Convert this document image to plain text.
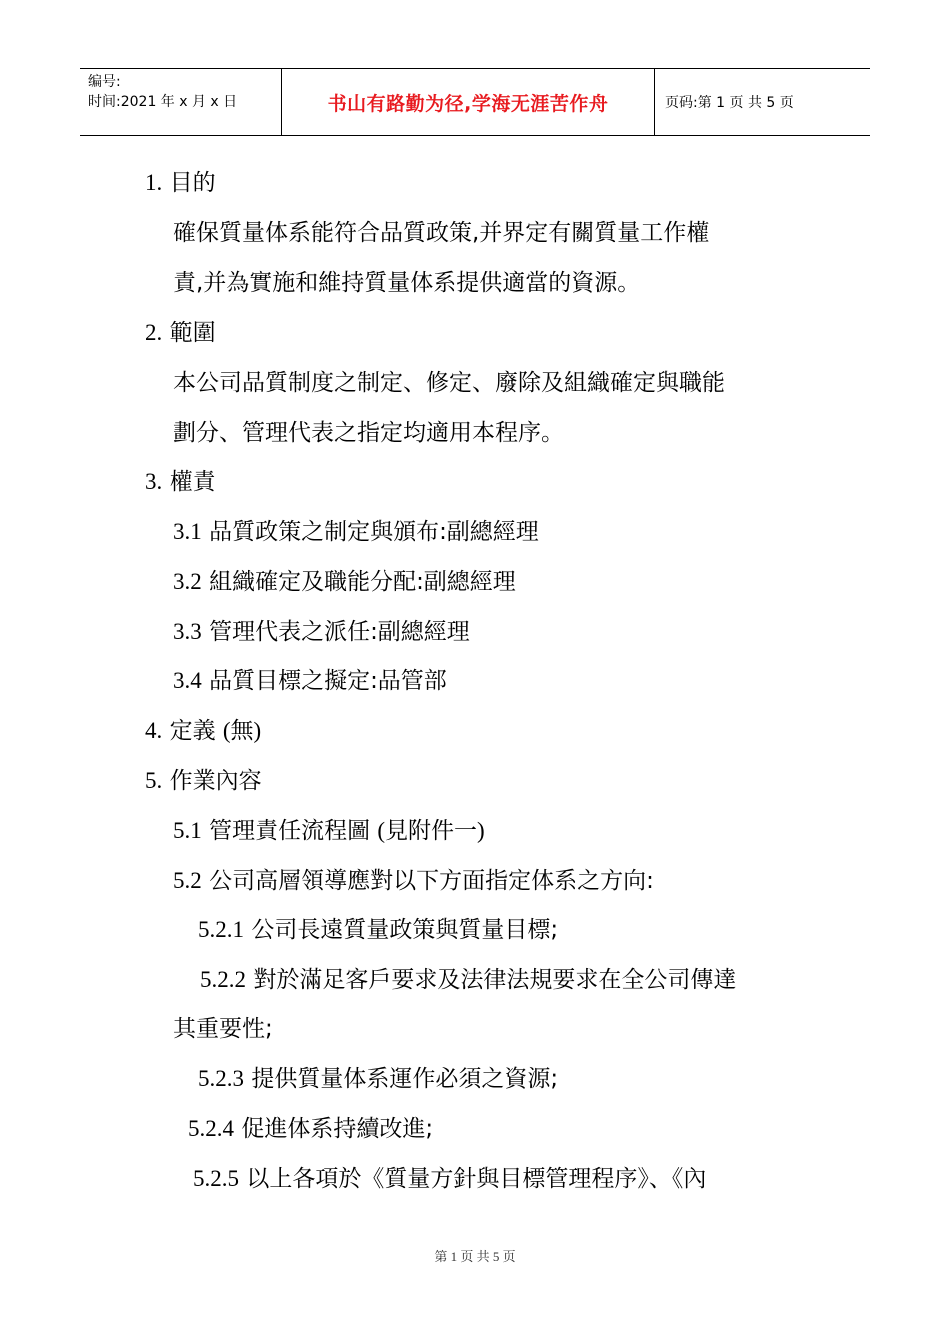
编号:
时间:2021 年 x 月 x 日	书山有路勤为径,学海无涯苦作舟	页码:第 1 页 共 5 页
1. 目的
確保質量体系能符合品質政策,并界定有關質量工作權
責,并為實施和維持質量体系提供適當的資源。
2. 範圍
本公司品質制度之制定、修定、廢除及組織確定與職能
劃分、管理代表之指定均適用本程序。
3. 權責
3.1 品質政策之制定與頒布:副總經理
3.2 組織確定及職能分配:副總經理
3.3 管理代表之派任:副總經理
3.4 品質目標之擬定:品管部
4. 定義 (無)
5. 作業內容
5.1 管理責任流程圖 (見附件一)
5.2 公司高層領導應對以下方面指定体系之方向:
5.2.1 公司長遠質量政策與質量目標;
5.2.2 對於滿足客戶要求及法律法規要求在全公司傳達
其重要性;
5.2.3 提供質量体系運作必須之資源;
5.2.4 促進体系持續改進;
5.2.5 以上各項於《質量方針與目標管理程序》、《內
第 1 页 共 5 页
